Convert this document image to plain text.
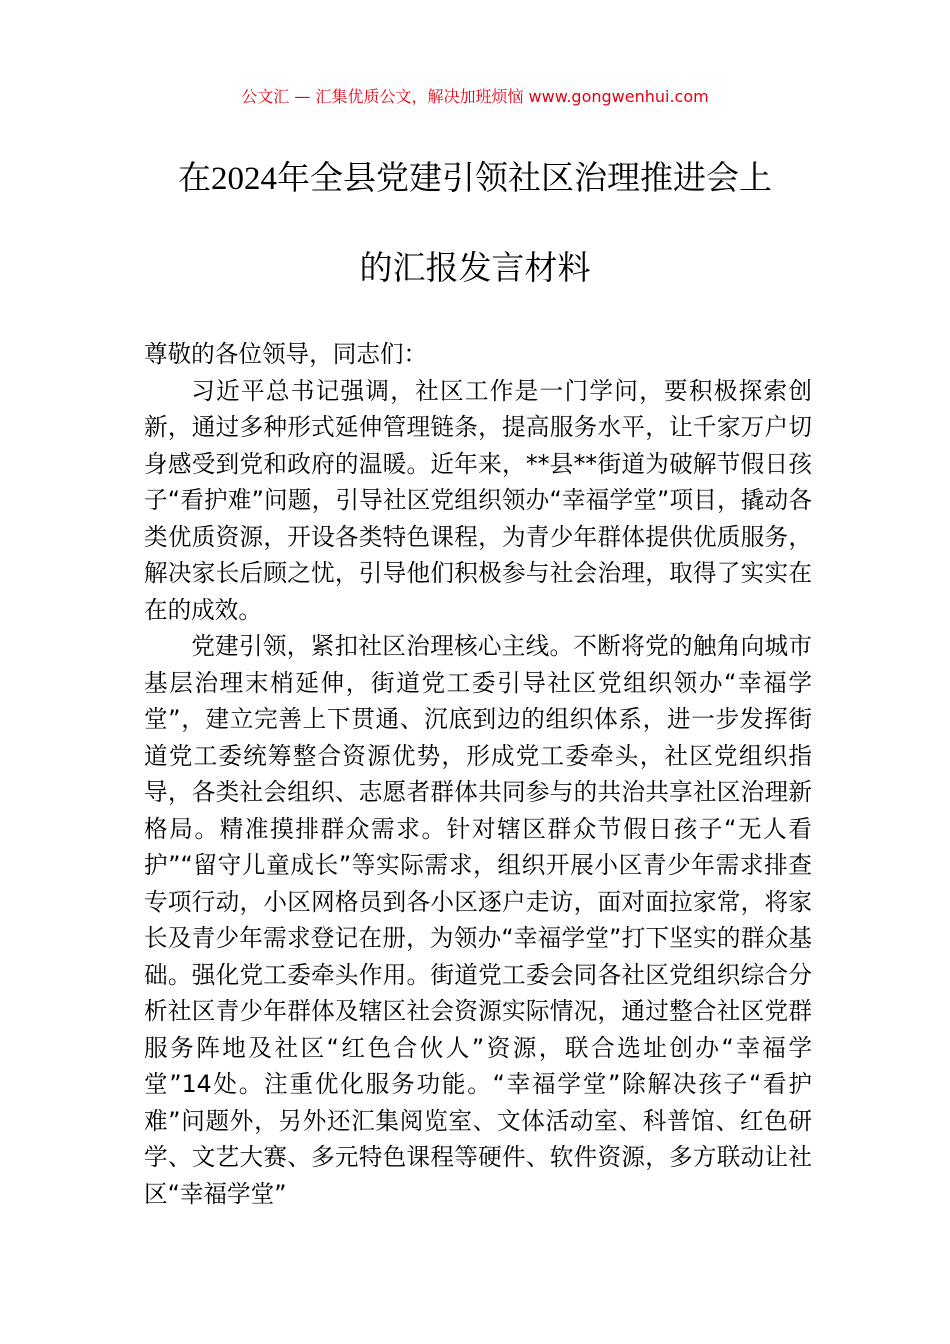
公文汇 — 汇集优质公文，解决加班烦恼 www.gongwenhui.com
在2024年全县党建引领社区治理推进会上
的汇报发言材料

尊敬的各位领导，同志们：

习近平总书记强调，社区工作是一门学问，要积极探索创新，通过多种形式延伸管理链条，提高服务水平，让千家万户切身感受到党和政府的温暖。近年来，**县**街道为破解节假日孩子“看护难”问题，引导社区党组织领办“幸福学堂”项目，撬动各类优质资源，开设各类特色课程，为青少年群体提供优质服务，解决家长后顾之忧，引导他们积极参与社会治理，取得了实实在在的成效。

党建引领，紧扣社区治理核心主线。不断将党的触角向城市基层治理末梢延伸，街道党工委引导社区党组织领办“幸福学堂”，建立完善上下贯通、沉底到边的组织体系，进一步发挥街道党工委统筹整合资源优势，形成党工委牵头，社区党组织指导，各类社会组织、志愿者群体共同参与的共治共享社区治理新格局。精准摸排群众需求。针对辖区群众节假日孩子“无人看护”“留守儿童成长”等实际需求，组织开展小区青少年需求排查专项行动，小区网格员到各小区逐户走访，面对面拉家常，将家长及青少年需求登记在册，为领办“幸福学堂”打下坚实的群众基础。强化党工委牵头作用。街道党工委会同各社区党组织综合分析社区青少年群体及辖区社会资源实际情况，通过整合社区党群服务阵地及社区“红色合伙人”资源，联合选址创办“幸福学堂”14处。注重优化服务功能。“幸福学堂”除解决孩子“看护难”问题外，另外还汇集阅览室、文体活动室、科普馆、红色研学、文艺大赛、多元特色课程等硬件、软件资源，多方联动让社区“幸福学堂”
